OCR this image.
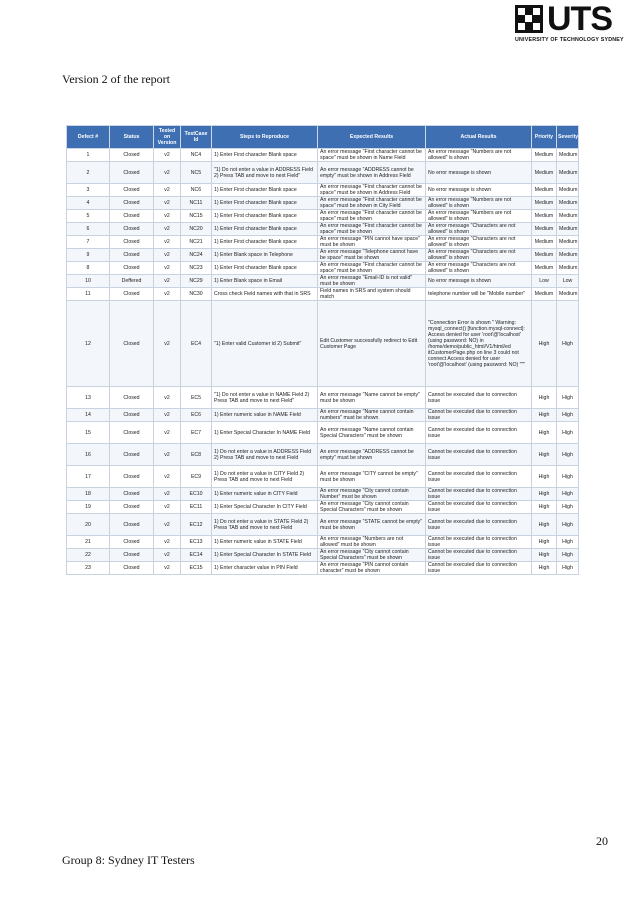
UTS
UNIVERSITY OF TECHNOLOGY SYDNEY
Version 2 of the report
Defect #	Status	Tested on Version	TestCase Id	Steps to Reproduce	Expected Results	Actual Results	Priority	Severity
1	Closed	v2	NC4	1) Enter First character Blank space	An error message "First character cannot be space" must be shown in Name Field	An error message "Numbers are not allowed" is shown	Medium	Medium
2	Closed	v2	NC5	"1) Do not enter a value in ADDRESS Field 2) Press TAB and move to next Field"	An error message "ADDRESS cannot be empty" must be shown in Address Field	No error message is shown	Medium	Medium
3	Closed	v2	NC6	1) Enter First character Blank space	An error message "First character cannot be space" must be shown in Address Field	No error message is shown	Medium	Medium
4	Closed	v2	NC11	1) Enter First character Blank space	An error message "First character cannot be space" must be shown in City Field	An error message "Numbers are not allowed" is shown	Medium	Medium
5	Closed	v2	NC15	1) Enter First character Blank space	An error message "First character cannot be space" must be shown	An error message "Numbers are not allowed" is shown	Medium	Medium
6	Closed	v2	NC20	1) Enter First character Blank space	An error message "First character cannot be space" must be shown	An error message "Characters are not allowed" is shown	Medium	Medium
7	Closed	v2	NC21	1) Enter First character Blank space	An error message "PIN cannot have space" must be shown	An error message "Characters are not allowed" is shown	Medium	Medium
9	Closed	v2	NC24	1) Enter Blank space in Telephone	An error message "Telephone cannot have be space" must be shown	An error message "Characters are not allowed" is shown	Medium	Medium
8	Closed	v2	NC23	1) Enter First character Blank space	An error message "First character cannot be space" must be shown	An error message "Characters are not allowed" is shown	Medium	Medium
10	Deffered	v2	NC29	1) Enter Blank space in Email	An error message "Email-ID is not valid" must be shown	No error message is shown	Low	Low
11	Closed	v2	NC30	Cross check Field names with that in SRS	Field names in SRS and system should match	telephone number will be "Mobile number"	Medium	Medium
12	Closed	v2	EC4	"1) Enter valid Customer id 2) Submit"	Edit Customer successfully redirect to Edit Customer Page	"Connection Error is shown " Warning: mysql_connect() [function.mysql-connect]: Access denied for user 'root'@'localhost' (using password: NO) in /home/demo/public_html/V1/html/ed itCustomerPage.php on line 3 could not connect Access denied for user 'root'@'localhost' (using password: NO) """	High	High
13	Closed	v2	EC5	"1) Do not enter a value in NAME Field 2) Press TAB and move to next Field"	An error message "Name cannot be empty" must be shown	Cannot be executed due to connection issue	High	High
14	Closed	v2	EC6	1) Enter numeric value in NAME Field	An error message "Name cannot contain numbers" must be shown	Cannot be executed due to connection issue	High	High
15	Closed	v2	EC7	1) Enter Special Character In NAME Field	An error message "Name cannot contain Special Characters" must be shown	Cannot be executed due to connection issue	High	High
16	Closed	v2	EC8	1) Do not enter a value in ADDRESS Field 2) Press TAB and move to next Field	An error message "ADDRESS cannot be empty" must be shown	Cannot be executed due to connection issue	High	High
17	Closed	v2	EC9	1) Do not enter a value in CITY Field 2) Press TAB and move to next Field	An error message "CITY cannot be empty" must be shown	Cannot be executed due to connection issue	High	High
18	Closed	v2	EC10	1) Enter numeric value in CITY Field	An error message "City cannot contain Number" must be shown	Cannot be executed due to connection issue	High	High
19	Closed	v2	EC11	1) Enter Special Character In CITY Field	An error message "City cannot contain Special Characters" must be shown	Cannot be executed due to connection issue	High	High
20	Closed	v2	EC12	1) Do not enter a value in STATE Field 2) Press TAB and move to next Field	An error message "STATE cannot be empty" must be shown	Cannot be executed due to connection issue	High	High
21	Closed	v2	EC13	1) Enter numeric value in STATE Field	An error message "Numbers are not allowed" must be shown	Cannot be executed due to connection issue	High	High
22	Closed	v2	EC14	1) Enter Special Character In STATE Field	An error message "City cannot contain Special Characters" must be shown	Cannot be executed due to connection issue	High	High
23	Closed	v2	EC15	1) Enter character value in PIN Field	An error message "PIN cannot contain character" must be shown	Cannot be executed due to connection issue	High	High
20
Group 8: Sydney IT Testers
